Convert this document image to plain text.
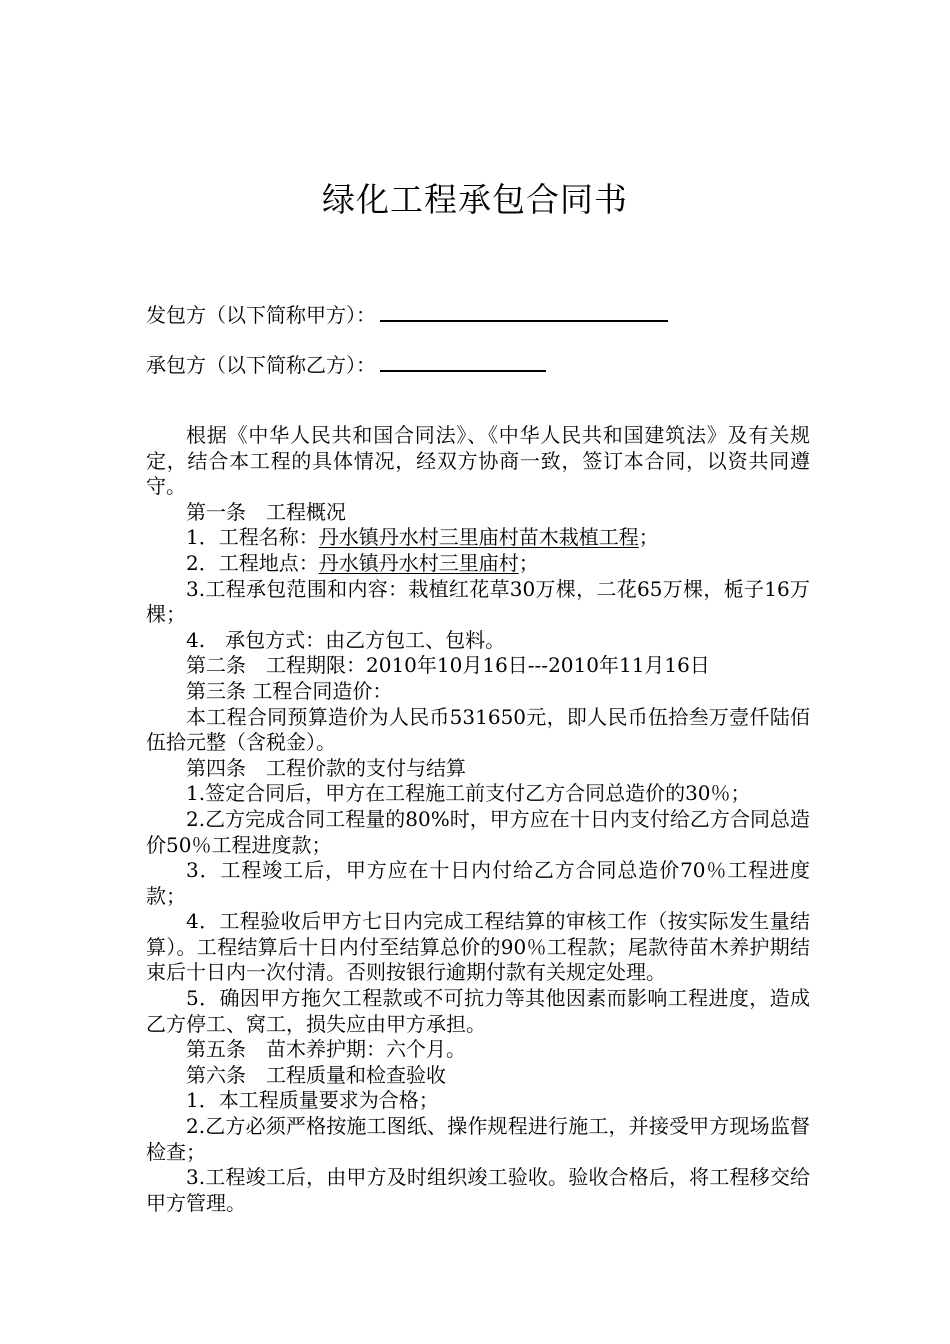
绿化工程承包合同书
发包方（以下简称甲方）：
承包方（以下简称乙方）：

根据《中华人民共和国合同法》、《中华人民共和国建筑法》及有关规定，结合本工程的具体情况，经双方协商一致，签订本合同，以资共同遵守。

第一条　工程概况

1．工程名称：丹水镇丹水村三里庙村苗木栽植工程；

2．工程地点：丹水镇丹水村三里庙村；

3.工程承包范围和内容：栽植红花草30万棵，二花65万棵，栀子16万棵；

4.　承包方式：由乙方包工、包料。

第二条　工程期限：2010年10月16日---2010年11月16日

第三条 工程合同造价：

本工程合同预算造价为人民币531650元，即人民币伍拾叁万壹仟陆佰伍拾元整（含税金）。

第四条　工程价款的支付与结算

1.签定合同后，甲方在工程施工前支付乙方合同总造价的30％；

2.乙方完成合同工程量的80%时，甲方应在十日内支付给乙方合同总造价50％工程进度款；

3．工程竣工后，甲方应在十日内付给乙方合同总造价70％工程进度款；

4．工程验收后甲方七日内完成工程结算的审核工作（按实际发生量结算）。工程结算后十日内付至结算总价的90％工程款；尾款待苗木养护期结束后十日内一次付清。否则按银行逾期付款有关规定处理。

5．确因甲方拖欠工程款或不可抗力等其他因素而影响工程进度，造成乙方停工、窝工，损失应由甲方承担。

第五条　苗木养护期：六个月。

第六条　工程质量和检查验收

1．本工程质量要求为合格；

2.乙方必须严格按施工图纸、操作规程进行施工，并接受甲方现场监督检查；

3.工程竣工后，由甲方及时组织竣工验收。验收合格后，将工程移交给甲方管理。
